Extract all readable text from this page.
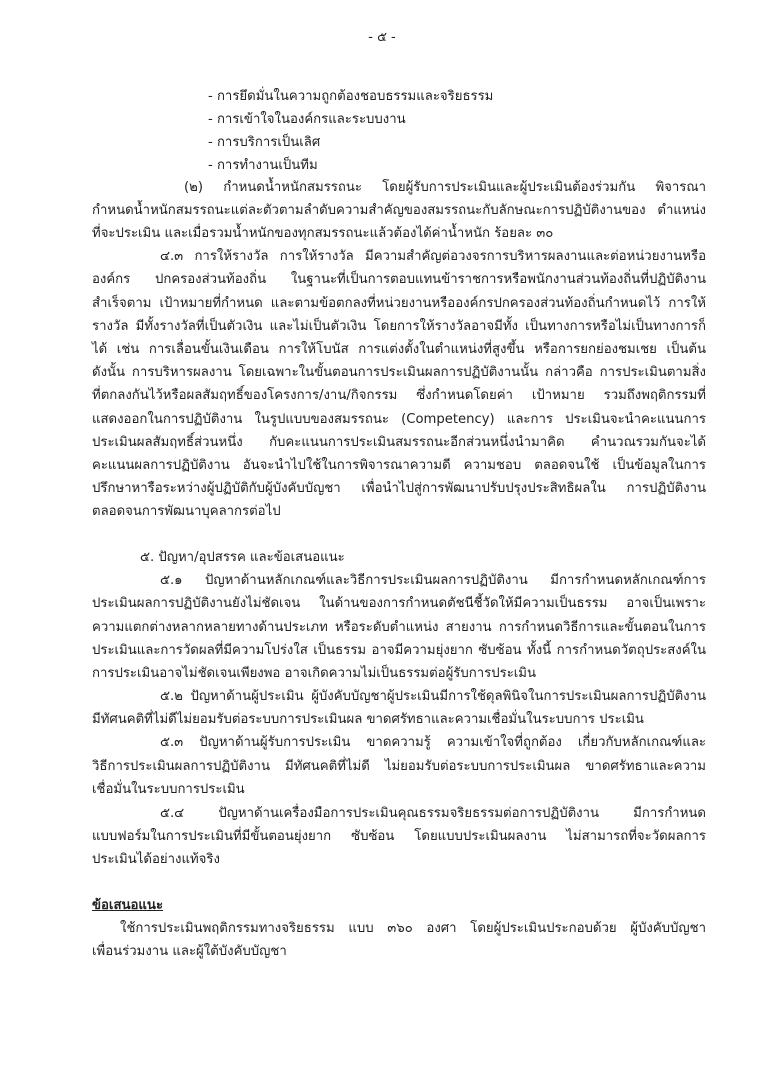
- ๕ -
- การยึดมั่นในความถูกต้องชอบธรรมและจริยธรรม
- การเข้าใจในองค์กรและระบบงาน
- การบริการเป็นเลิศ
- การทำงานเป็นทีม
(๒) กำหนดน้ำหนักสมรรถนะ โดยผู้รับการประเมินและผู้ประเมินต้องร่วมกัน พิจารณา
กำหนดน้ำหนักสมรรถนะแต่ละตัวตามลำดับความสำคัญของสมรรถนะกับลักษณะการปฏิบัติงานของ ตำแหน่ง
ที่จะประเมิน และเมื่อรวมน้ำหนักของทุกสมรรถนะแล้วต้องได้ค่าน้ำหนัก ร้อยละ ๓๐
๔.๓ การให้รางวัล การให้รางวัล มีความสำคัญต่อวงจรการบริหารผลงานและต่อหน่วยงานหรือ
องค์กร ปกครองส่วนท้องถิ่น ในฐานะที่เป็นการตอบแทนข้าราชการหรือพนักงานส่วนท้องถิ่นที่ปฏิบัติงาน
สำเร็จตาม เป้าหมายที่กำหนด และตามข้อตกลงที่หน่วยงานหรือองค์กรปกครองส่วนท้องถิ่นกำหนดไว้ การให้
รางวัล มีทั้งรางวัลที่เป็นตัวเงิน และไม่เป็นตัวเงิน โดยการให้รางวัลอาจมีทั้ง เป็นทางการหรือไม่เป็นทางการก็
ได้ เช่น การเลื่อนขั้นเงินเดือน การให้โบนัส การแต่งตั้งในตำแหน่งที่สูงขึ้น หรือการยกย่องชมเชย เป็นต้น
ดังนั้น การบริหารผลงาน โดยเฉพาะในขั้นตอนการประเมินผลการปฏิบัติงานนั้น กล่าวคือ การประเมินตามสิ่ง
ที่ตกลงกันไว้หรือผลสัมฤทธิ์ของโครงการ/งาน/กิจกรรม ซึ่งกำหนดโดยค่า เป้าหมาย รวมถึงพฤติกรรมที่
แสดงออกในการปฏิบัติงาน ในรูปแบบของสมรรถนะ (Competency) และการ ประเมินจะนำคะแนนการ
ประเมินผลสัมฤทธิ์ส่วนหนึ่ง กับคะแนนการประเมินสมรรถนะอีกส่วนหนึ่งนำมาคิด คำนวณรวมกันจะได้
คะแนนผลการปฏิบัติงาน อันจะนำไปใช้ในการพิจารณาความดี ความชอบ ตลอดจนใช้ เป็นข้อมูลในการ
ปรึกษาหารือระหว่างผู้ปฏิบัติกับผู้บังคับบัญชา เพื่อนำไปสู่การพัฒนาปรับปรุงประสิทธิผลใน การปฏิบัติงาน
ตลอดจนการพัฒนาบุคลากรต่อไป
๕. ปัญหา/อุปสรรค และข้อเสนอแนะ
๕.๑ ปัญหาด้านหลักเกณฑ์และวิธีการประเมินผลการปฏิบัติงาน มีการกำหนดหลักเกณฑ์การ
ประเมินผลการปฏิบัติงานยังไม่ชัดเจน ในด้านของการกำหนดตัชนีชี้วัดให้มีความเป็นธรรม อาจเป็นเพราะ
ความแตกต่างหลากหลายทางด้านประเภท หรือระดับตำแหน่ง สายงาน การกำหนดวิธีการและขั้นตอนในการ
ประเมินและการวัดผลที่มีความโปร่งใส เป็นธรรม อาจมีความยุ่งยาก ซับซ้อน ทั้งนี้ การกำหนดวัตถุประสงค์ใน
การประเมินอาจไม่ชัดเจนเพียงพอ อาจเกิดความไม่เป็นธรรมต่อผู้รับการประเมิน
๕.๒ ปัญหาด้านผู้ประเมิน ผู้บังคับบัญชาผู้ประเมินมีการใช้ดุลพินิจในการประเมินผลการปฏิบัติงาน
มีทัศนคติที่ไม่ดีไม่ยอมรับต่อระบบการประเมินผล ขาดศรัทธาและความเชื่อมั่นในระบบการ ประเมิน
๕.๓ ปัญหาด้านผู้รับการประเมิน ขาดความรู้ ความเข้าใจที่ถูกต้อง เกี่ยวกับหลักเกณฑ์และ
วิธีการประเมินผลการปฏิบัติงาน มีทัศนคติที่ไม่ดี ไม่ยอมรับต่อระบบการประเมินผล ขาดศรัทธาและความ
เชื่อมั่นในระบบการประเมิน
๕.๔ ปัญหาด้านเครื่องมือการประเมินคุณธรรมจริยธรรมต่อการปฏิบัติงาน มีการกำหนด
แบบฟอร์มในการประเมินที่มีขั้นตอนยุ่งยาก ซับซ้อน โดยแบบประเมินผลงาน ไม่สามารถที่จะวัดผลการ
ประเมินได้อย่างแท้จริง
ข้อเสนอแนะ
ใช้การประเมินพฤติกรรมทางจริยธรรม แบบ ๓๖๐ องศา โดยผู้ประเมินประกอบด้วย ผู้บังคับบัญชา
เพื่อนร่วมงาน และผู้ใต้บังคับบัญชา
